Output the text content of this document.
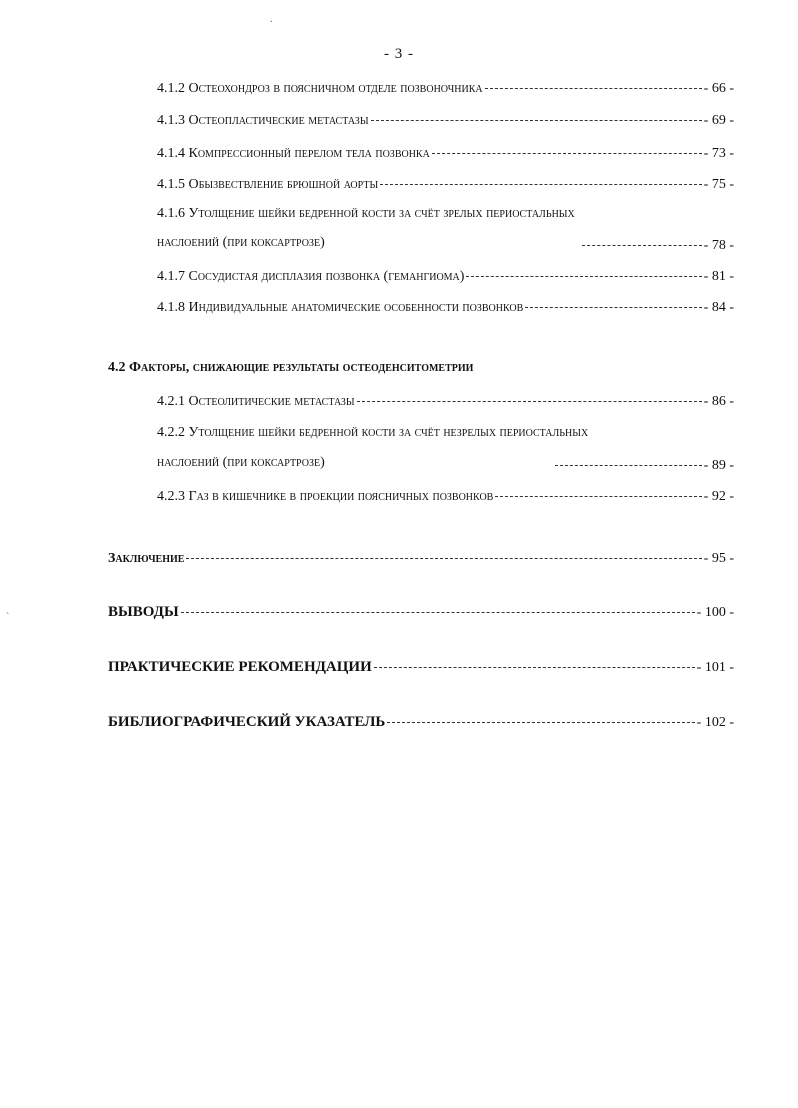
- 3 -
4.1.2 Остеохондроз в поясничном отделе позвоночника	- 66 -
4.1.3 Остеопластические метастазы	- 69 -
4.1.4 Компрессионный перелом тела позвонка	- 73 -
4.1.5 Обызвествление брюшной аорты	- 75 -
4.1.6 Утолщение шейки бедренной кости за счёт зрелых периостальных
наслоений (при коксартрозе)	- 78 -
4.1.7 Сосудистая дисплазия позвонка (гемангиома)	- 81 -
4.1.8 Индивидуальные анатомические особенности позвонков	- 84 -
4.2 Факторы, снижающие результаты остеоденситометрии
4.2.1 Остеолитические метастазы	- 86 -
4.2.2 Утолщение шейки бедренной кости за счёт незрелых периостальных
наслоений (при коксартрозе)	- 89 -
4.2.3 Газ в кишечнике в проекции поясничных позвонков	- 92 -
Заключение	- 95 -
ВЫВОДЫ	- 100 -
ПРАКТИЧЕСКИЕ РЕКОМЕНДАЦИИ	- 101 -
БИБЛИОГРАФИЧЕСКИЙ УКАЗАТЕЛЬ	- 102 -
.
`
